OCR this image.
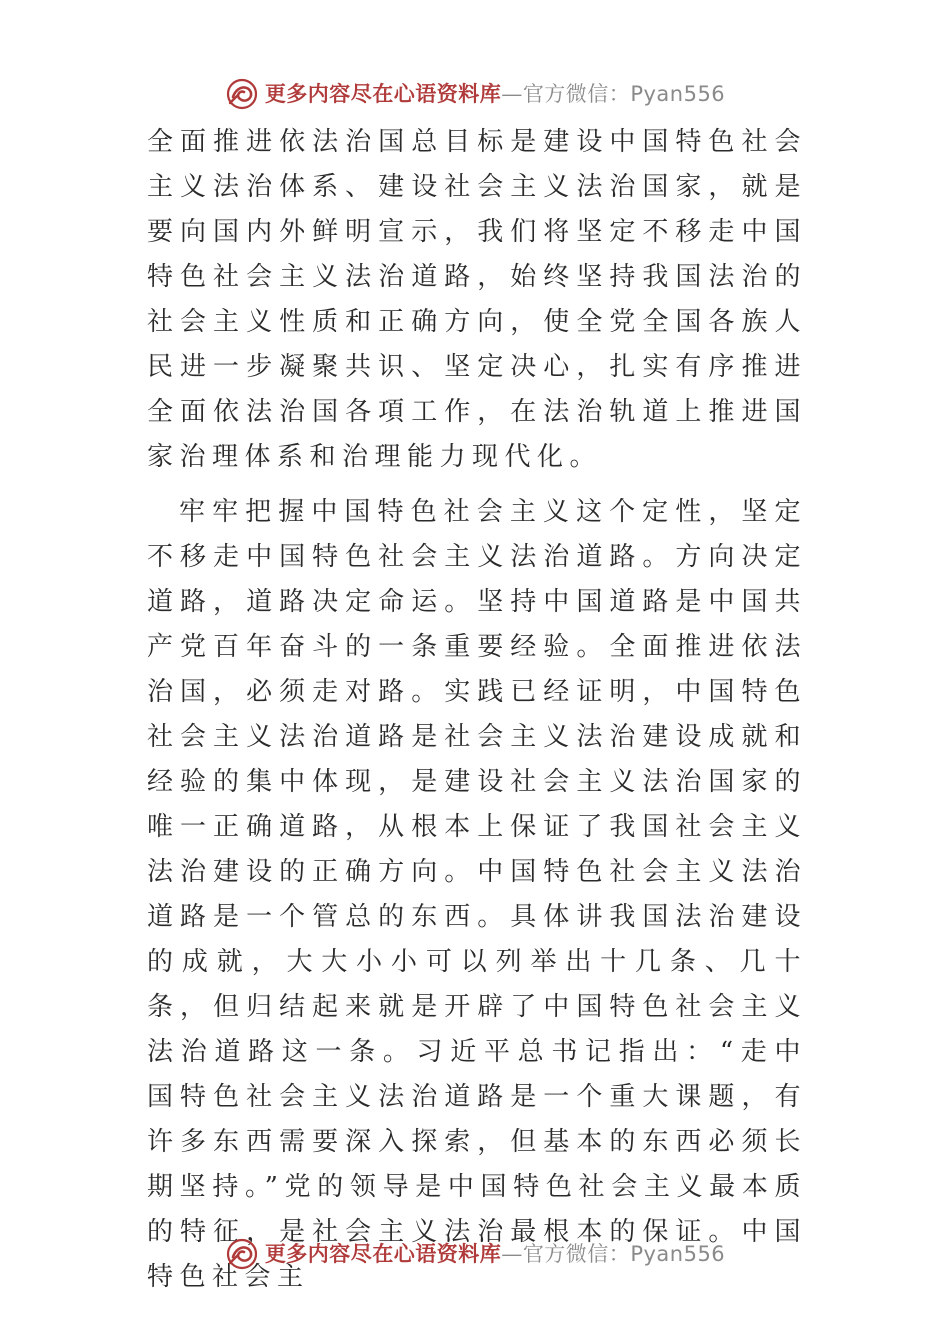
更多内容尽在心语资料库—官方微信：Pyan556

全面推进依法治国总目标是建设中国特色社会主义法治体系、建设社会主义法治国家，就是要向国内外鲜明宣示，我们将坚定不移走中国特色社会主义法治道路，始终坚持我国法治的社会主义性质和正确方向，使全党全国各族人民进一步凝聚共识、坚定决心，扎实有序推进全面依法治国各項工作，在法治轨道上推进国家治理体系和治理能力现代化。

牢牢把握中国特色社会主义这个定性，坚定不移走中国特色社会主义法治道路。方向决定道路，道路决定命运。坚持中国道路是中国共产党百年奋斗的一条重要经验。全面推进依法治国，必须走对路。实践已经证明，中国特色社会主义法治道路是社会主义法治建设成就和经验的集中体现，是建设社会主义法治国家的唯一正确道路，从根本上保证了我国社会主义法治建设的正确方向。中国特色社会主义法治道路是一个管总的东西。具体讲我国法治建设的成就，大大小小可以列举出十几条、几十条，但归结起来就是开辟了中国特色社会主义法治道路这一条。习近平总书记指出：“走中国特色社会主义法治道路是一个重大课题，有许多东西需要深入探索，但基本的东西必须长期坚持。”党的领导是中国特色社会主义最本质的特征，是社会主义法治最根本的保证。中国特色社会主

更多内容尽在心语资料库—官方微信：Pyan556
